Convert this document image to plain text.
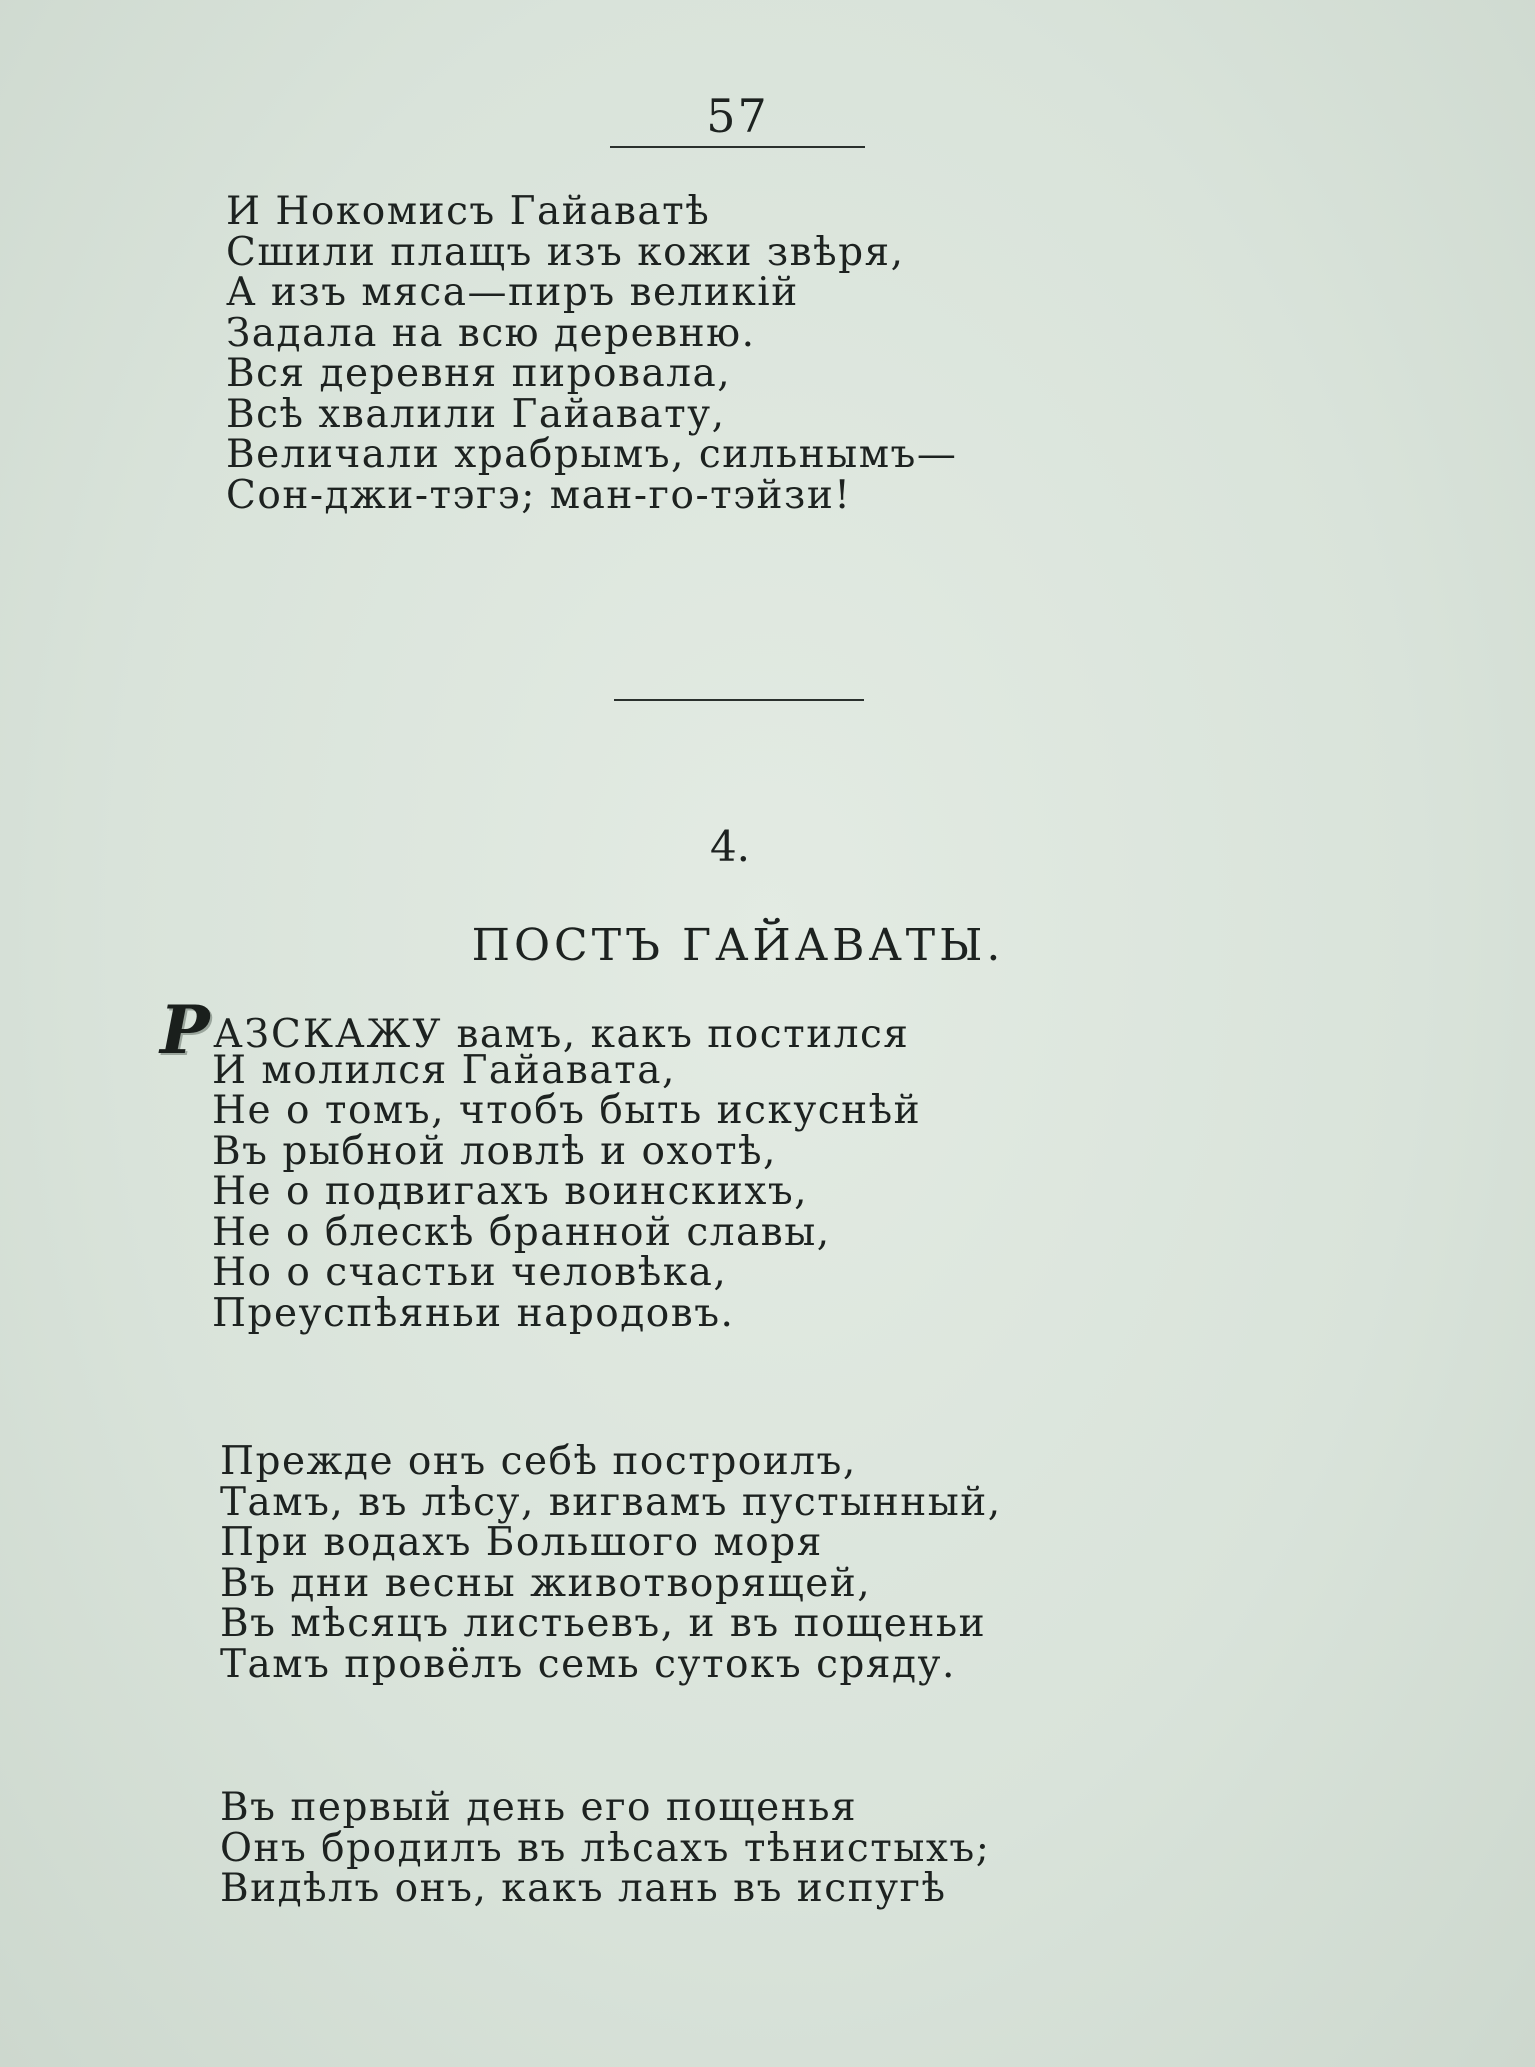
57
И Нокомисъ Гайаватѣ
Сшили плащъ изъ кожи звѣря,
А изъ мяса—пиръ великій
Задала на всю деревню.
Вся деревня пировала,
Всѣ хвалили Гайавату,
Величали храбрымъ, сильнымъ—
Сон-джи-тэгэ; ман-го-тэйзи!
4.
ПОСТЪ ГАЙАВАТЫ.
РАЗСКАЖУ вамъ, какъ постился
И молился Гайавата,
Не о томъ, чтобъ быть искуснѣй
Въ рыбной ловлѣ и охотѣ,
Не о подвигахъ воинскихъ,
Не о блескѣ бранной славы,
Но о счастьи человѣка,
Преуспѣяньи народовъ.
Прежде онъ себѣ построилъ,
Тамъ, въ лѣсу, вигвамъ пустынный,
При водахъ Большого моря
Въ дни весны животворящей,
Въ мѣсяцъ листьевъ, и въ пощеньи
Тамъ провёлъ семь сутокъ сряду.
Въ первый день его пощенья
Онъ бродилъ въ лѣсахъ тѣнистыхъ;
Видѣлъ онъ, какъ лань въ испугѣ
